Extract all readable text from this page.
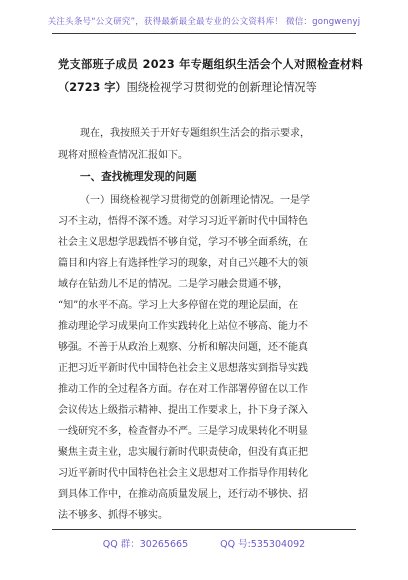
关注头条号“公文研究”，获得最新最全最专业的公文资料库！ 微信：gongwenyj
党支部班子成员 2023 年专题组织生活会个人对照检查材料
（2723 字）围绕检视学习贯彻党的创新理论情况等
现在，我按照关于开好专题组织生活会的指示要求，
现将对照检查情况汇报如下。
一、查找梳理发现的问题
（一）围绕检视学习贯彻党的创新理论情况。一是学
习不主动，悟得不深不透。对学习习近平新时代中国特色
社会主义思想学思践悟不够自觉，学习不够全面系统，在
篇目和内容上有选择性学习的现象，对自己兴趣不大的领
域存在钻劲儿不足的情况。二是学习融会贯通不够，
“知”的水平不高。学习上大多停留在党的理论层面，在
推动理论学习成果向工作实践转化上站位不够高、能力不
够强。不善于从政治上观察、分析和解决问题，还不能真
正把习近平新时代中国特色社会主义思想落实到指导实践
推动工作的全过程各方面。存在对工作部署停留在以工作
会议传达上级指示精神、提出工作要求上，扑下身子深入
一线研究不多，检查督办不严。三是学习成果转化不明显
聚焦主责主业，忠实履行新时代职责使命，但没有真正把
习近平新时代中国特色社会主义思想对工作指导作用转化
到具体工作中，在推动高质量发展上，还行动不够快、招
法不够多、抓得不够实。
QQ 群：30265665	QQ 号:535304092
